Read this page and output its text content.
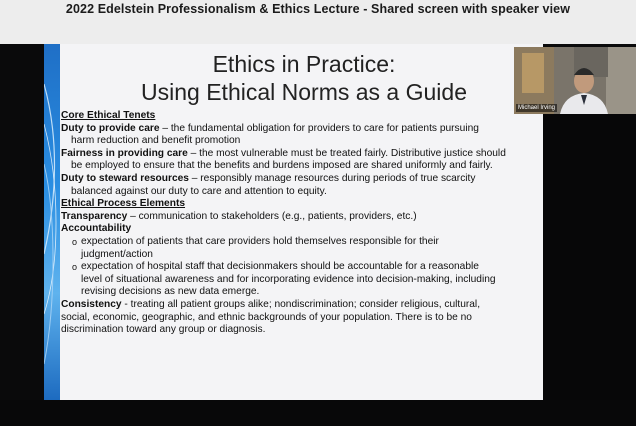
2022 Edelstein Professionalism & Ethics Lecture - Shared screen with speaker view
Ethics in Practice:
Using Ethical Norms as a Guide
Core Ethical Tenets
Duty to provide care – the fundamental obligation for providers to care for patients pursuing
harm reduction and benefit promotion
Fairness in providing care – the most vulnerable must be treated fairly. Distributive justice should
be employed to ensure that the benefits and burdens imposed are shared uniformly and fairly.
Duty to steward resources – responsibly manage resources during periods of true scarcity
balanced against our duty to care and attention to equity.
Ethical Process Elements
Transparency – communication to stakeholders (e.g., patients, providers, etc.)
Accountability
o expectation of patients that care providers hold themselves responsible for their
judgment/action
o expectation of hospital staff that decisionmakers should be accountable for a reasonable
level of situational awareness and for incorporating evidence into decision-making, including
revising decisions as new data emerge.
Consistency - treating all patient groups alike; nondiscrimination; consider religious, cultural,
social, economic, geographic, and ethnic backgrounds of your population. There is to be no
discrimination toward any group or diagnosis.
Michael Irving
